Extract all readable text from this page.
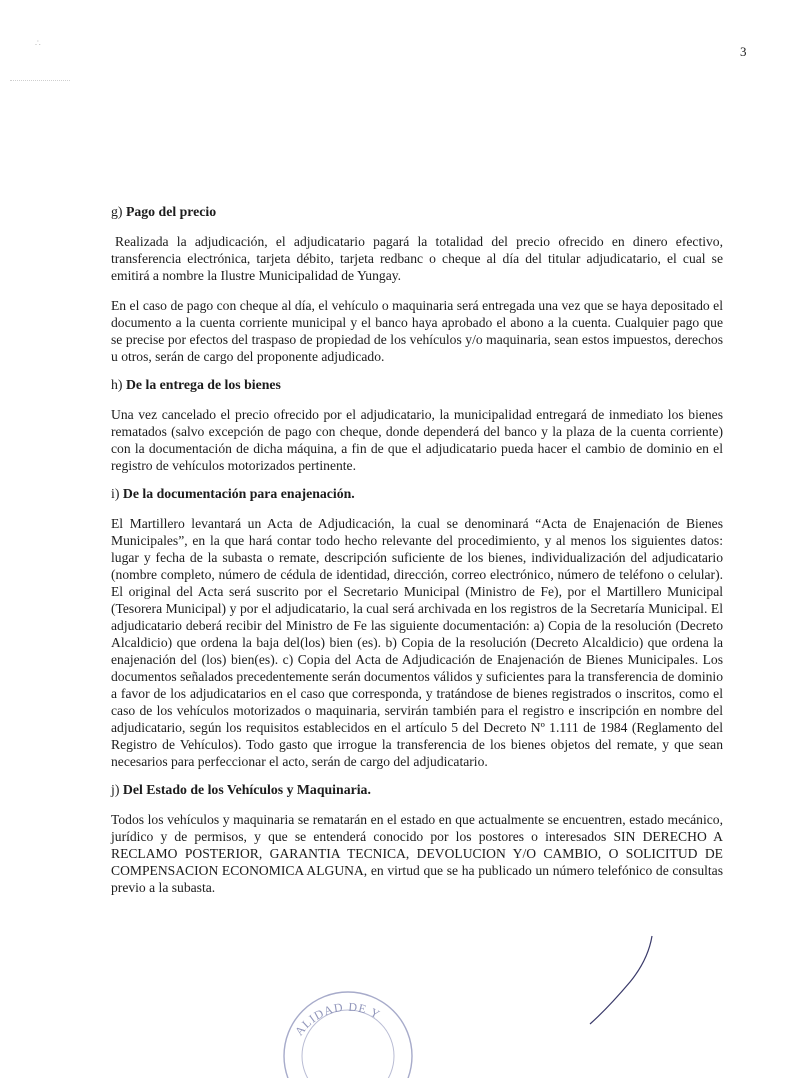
∴
3

g) Pago del precio

Realizada la adjudicación, el adjudicatario pagará la totalidad del precio ofrecido en dinero efectivo, transferencia electrónica, tarjeta débito, tarjeta redbanc o cheque al día del titular adjudicatario, el cual se emitirá a nombre la Ilustre Municipalidad de Yungay.

En el caso de pago con cheque al día, el vehículo o maquinaria será entregada una vez que se haya depositado el documento a la cuenta corriente municipal y el banco haya aprobado el abono a la cuenta. Cualquier pago que se precise por efectos del traspaso de propiedad de los vehículos y/o maquinaria, sean estos impuestos, derechos u otros, serán de cargo del proponente adjudicado.

h) De la entrega de los bienes

Una vez cancelado el precio ofrecido por el adjudicatario, la municipalidad entregará de inmediato los bienes rematados (salvo excepción de pago con cheque, donde dependerá del banco y la plaza de la cuenta corriente) con la documentación de dicha máquina, a fin de que el adjudicatario pueda hacer el cambio de dominio en el registro de vehículos motorizados pertinente.

i) De la documentación para enajenación.

El Martillero levantará un Acta de Adjudicación, la cual se denominará “Acta de Enajenación de Bienes Municipales”, en la que hará contar todo hecho relevante del procedimiento, y al menos los siguientes datos: lugar y fecha de la subasta o remate, descripción suficiente de los bienes, individualización del adjudicatario (nombre completo, número de cédula de identidad, dirección, correo electrónico, número de teléfono o celular). El original del Acta será suscrito por el Secretario Municipal (Ministro de Fe), por el Martillero Municipal (Tesorera Municipal) y por el adjudicatario, la cual será archivada en los registros de la Secretaría Municipal. El adjudicatario deberá recibir del Ministro de Fe las siguiente documentación: a) Copia de la resolución (Decreto Alcaldicio) que ordena la baja del(los) bien (es). b) Copia de la resolución (Decreto Alcaldicio) que ordena la enajenación del (los) bien(es). c) Copia del Acta de Adjudicación de Enajenación de Bienes Municipales. Los documentos señalados precedentemente serán documentos válidos y suficientes para la transferencia de dominio a favor de los adjudicatarios en el caso que corresponda, y tratándose de bienes registrados o inscritos, como el caso de los vehículos motorizados o maquinaria, servirán también para el registro e inscripción en nombre del adjudicatario, según los requisitos establecidos en el artículo 5 del Decreto Nº 1.111 de 1984 (Reglamento del Registro de Vehículos). Todo gasto que irrogue la transferencia de los bienes objetos del remate, y que sean necesarios para perfeccionar el acto, serán de cargo del adjudicatario.

j) Del Estado de los Vehículos y Maquinaria.

Todos los vehículos y maquinaria se rematarán en el estado en que actualmente se encuentren, estado mecánico, jurídico y de permisos, y que se entenderá conocido por los postores o interesados SIN DERECHO A RECLAMO POSTERIOR, GARANTIA TECNICA, DEVOLUCION Y/O CAMBIO, O SOLICITUD DE COMPENSACION ECONOMICA ALGUNA, en virtud que se ha publicado un número telefónico de consultas previo a la subasta.

ALIDAD DE Y
